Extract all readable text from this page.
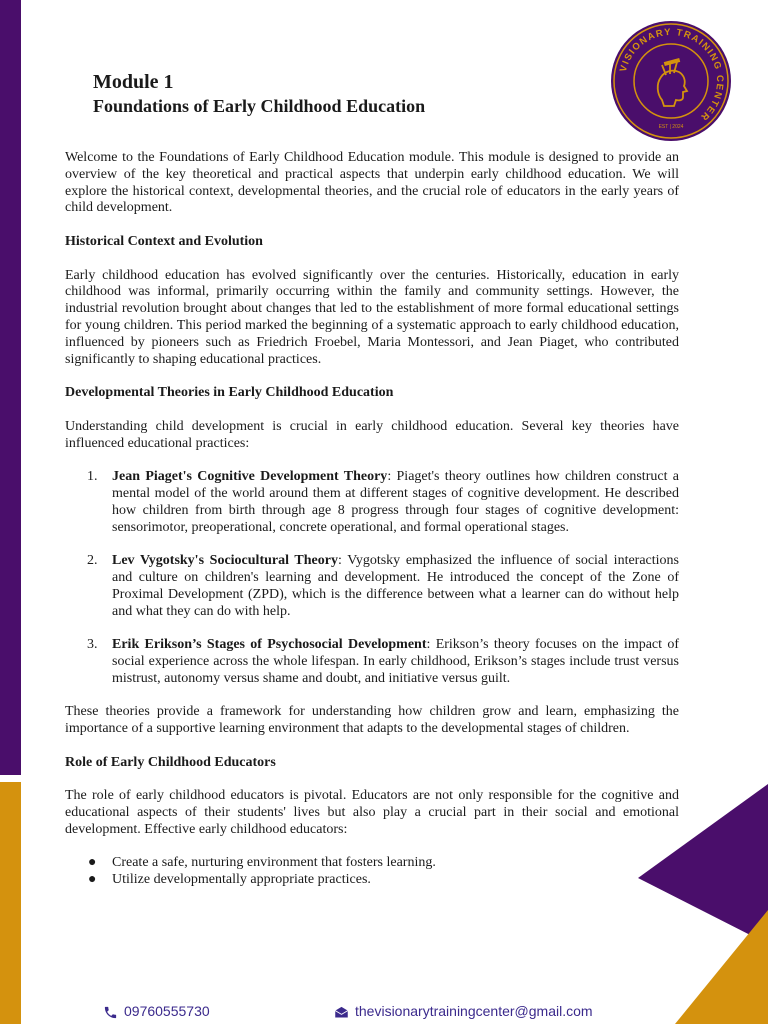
VISIONARY TRAINING CENTER
EST | 2024
Module 1
Foundations of Early Childhood Education

Welcome to the Foundations of Early Childhood Education module. This module is designed to provide an overview of the key theoretical and practical aspects that underpin early childhood education. We will explore the historical context, developmental theories, and the crucial role of educators in the early years of child development.

Historical Context and Evolution

Early childhood education has evolved significantly over the centuries. Historically, education in early childhood was informal, primarily occurring within the family and community settings. However, the industrial revolution brought about changes that led to the establishment of more formal educational settings for young children. This period marked the beginning of a systematic approach to early childhood education, influenced by pioneers such as Friedrich Froebel, Maria Montessori, and Jean Piaget, who contributed significantly to shaping educational practices.

Developmental Theories in Early Childhood Education

Understanding child development is crucial in early childhood education. Several key theories have influenced educational practices:

1. Jean Piaget's Cognitive Development Theory: Piaget's theory outlines how children construct a mental model of the world around them at different stages of cognitive development. He described how children from birth through age 8 progress through four stages of cognitive development: sensorimotor, preoperational, concrete operational, and formal operational stages.
2. Lev Vygotsky's Sociocultural Theory: Vygotsky emphasized the influence of social interactions and culture on children's learning and development. He introduced the concept of the Zone of Proximal Development (ZPD), which is the difference between what a learner can do without help and what they can do with help.
3. Erik Erikson’s Stages of Psychosocial Development: Erikson’s theory focuses on the impact of social experience across the whole lifespan. In early childhood, Erikson’s stages include trust versus mistrust, autonomy versus shame and doubt, and initiative versus guilt.

These theories provide a framework for understanding how children grow and learn, emphasizing the importance of a supportive learning environment that adapts to the developmental stages of children.

Role of Early Childhood Educators

The role of early childhood educators is pivotal. Educators are not only responsible for the cognitive and educational aspects of their students' lives but also play a crucial part in their social and emotional development. Effective early childhood educators:

● Create a safe, nurturing environment that fosters learning.
● Utilize developmentally appropriate practices.
09760555730	thevisionarytrainingcenter@gmail.com
